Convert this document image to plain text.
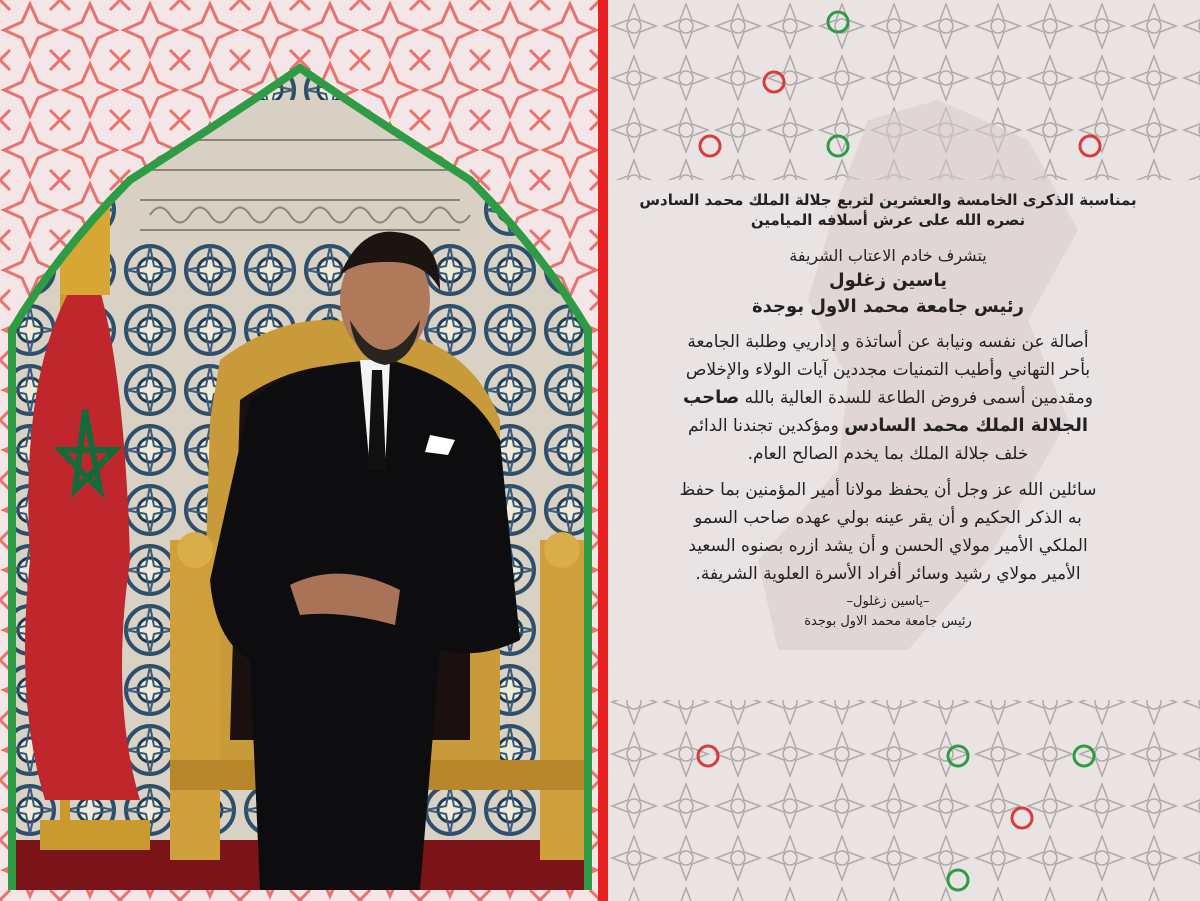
بمناسبة الذكرى الخامسة والعشرين لتربع جلالة الملك محمد السادس
نصره الله على عرش أسلافه الميامين

يتشرف خادم الاعتاب الشريفة

ياسين زغلول

رئيس جامعة محمد الاول بوجدة

أصالة عن نفسه ونيابة عن أساتذة و إداريي وطلبة الجامعة
بأحر التهاني وأطيب التمنيات مجددين آيات الولاء والإخلاص
ومقدمين أسمى فروض الطاعة للسدة العالية بالله صاحب
الجلالة الملك محمد السادس ومؤكدين تجندنا الدائم
خلف جلالة الملك بما يخدم الصالح العام.

سائلين الله عز وجل أن يحفظ مولانا أمير المؤمنين بما حفظ
به الذكر الحكيم و أن يقر عينه بولي عهده صاحب السمو
الملكي الأمير مولاي الحسن و أن يشد ازره بصنوه السعيد
الأمير مولاي رشيد وسائر أفراد الأسرة العلوية الشريفة.

–ياسين زغلول–
رئيس جامعة محمد الاول بوجدة
